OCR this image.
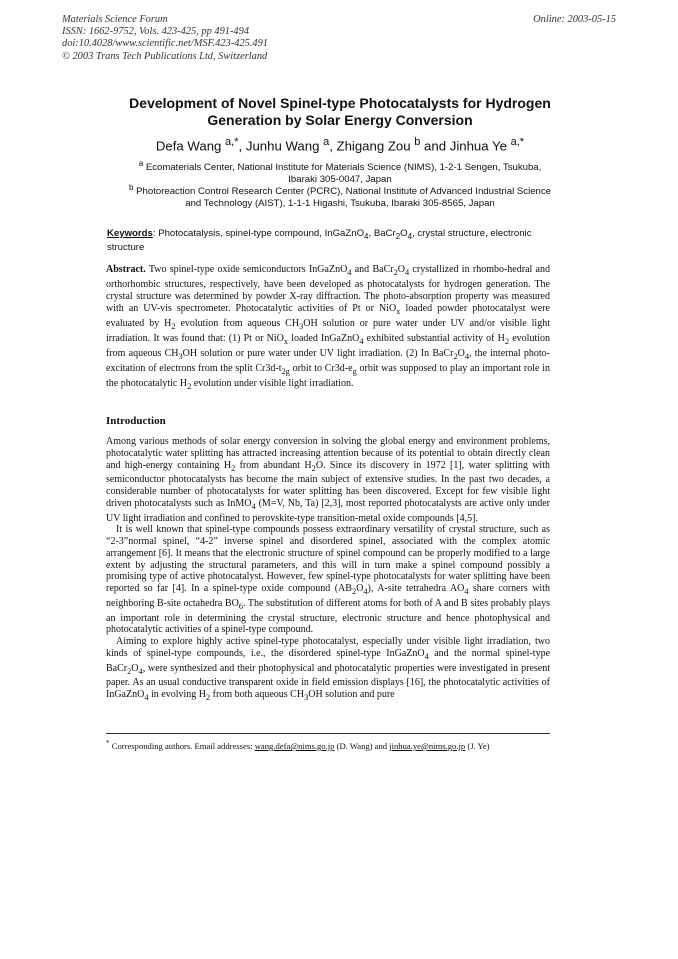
Materials Science Forum
ISSN: 1662-9752, Vols. 423-425, pp 491-494
doi:10.4028/www.scientific.net/MSF.423-425.491
© 2003 Trans Tech Publications Ltd, Switzerland
Online: 2003-05-15
Development of Novel Spinel-type Photocatalysts for Hydrogen
Generation by Solar Energy Conversion
Defa Wang $^{a,*}$, Junhu Wang $^a$, Zhigang Zou $^b$ and Jinhua Ye $^{a,*}$
$^a$ Ecomaterials Center, National Institute for Materials Science (NIMS), 1-2-1 Sengen, Tsukuba,
Ibaraki 305-0047, Japan
$^b$ Photoreaction Control Research Center (PCRC), National Institute of Advanced Industrial Science
and Technology (AIST), 1-1-1 Higashi, Tsukuba, Ibaraki 305-8565, Japan
Keywords: Photocatalysis, spinel-type compound, InGaZnO$_4$, $BaCr_2O_4$, crystal structure, electronic structure
Abstract. Two spinel-type oxide semiconductors InGaZnO$_4$ and $BaCr_2O_4$ crystallized in rhombo-hedral and orthorhombic structures, respectively, have been developed as photocatalysts for hydrogen generation. The crystal structure was determined by powder X-ray diffraction. The photo-absorption property was measured with an UV-vis spectrometer. Photocatalytic activities of Pt or NiO$_x$ loaded powder photocatalyst were evaluated by $H_2$ evolution from aqueous $CH_3OH$ solution or pure water under UV and/or visible light irradiation. It was found that: (1) Pt or NiO$_x$ loaded InGaZnO$_4$ exhibited substantial activity of $H_2$ evolution from aqueous $CH_3OH$ solution or pure water under UV light irradiation. (2) In $BaCr_2O_4$, the internal photo-excitation of electrons from the split $Cr3d-t_{2g}$ orbit to $Cr3d-e_g$ orbit was supposed to play an important role in the photocatalytic $H_2$ evolution under visible light irradiation.
Introduction

Among various methods of solar energy conversion in solving the global energy and environment problems, photocatalytic water splitting has attracted increasing attention because of its potential to obtain directly clean and high-energy containing $H_2$ from abundant $H_2O$. Since its discovery in 1972 [1], water splitting with semiconductor photocatalysts has become the main subject of extensive studies. In the past two decades, a considerable number of photocatalysts for water splitting has been discovered. Except for few visible light driven photocatalysts such as InMO$_4$ (M=V, Nb, Ta) [2,3], most reported photocatalysts are active only under UV light irradiation and confined to perovskite-type transition-metal oxide compounds [4,5].

It is well known that spinel-type compounds possess extraordinary versatility of crystal structure, such as “2-3”normal spinel, “4-2” inverse spinel and disordered spinel, associated with the complex atomic arrangement [6]. It means that the electronic structure of spinel compound can be properly modified to a large extent by adjusting the structural parameters, and this will in turn make a spinel compound possibly a promising type of active photocatalyst. However, few spinel-type photocatalysts for water splitting have been reported so far [4]. In a spinel-type oxide compound $(AB_2O_4)$, A-site tetrahedra $AO_4$ share corners with neighboring B-site octahedra $BO_6$. The substitution of different atoms for both of A and B sites probably plays an important role in determining the crystal structure, electronic structure and hence photophysical and photocatalytic activities of a spinel-type compound.

Aiming to explore highly active spinel-type photocatalyst, especially under visible light irradiation, two kinds of spinel-type compounds, i.e., the disordered spinel-type InGaZnO$_4$ and the normal spinel-type $BaCr_2O_4$, were synthesized and their photophysical and photocatalytic properties were investigated in present paper. As an usual conductive transparent oxide in field emission displays [16], the photocatalytic activities of InGaZnO$_4$ in evolving $H_2$ from both aqueous $CH_3OH$ solution and pure

* Corresponding authors. Email addresses: wang.defa@nims.go.jp (D. Wang) and jinhua.ye@nims.go.jp (J. Ye)
